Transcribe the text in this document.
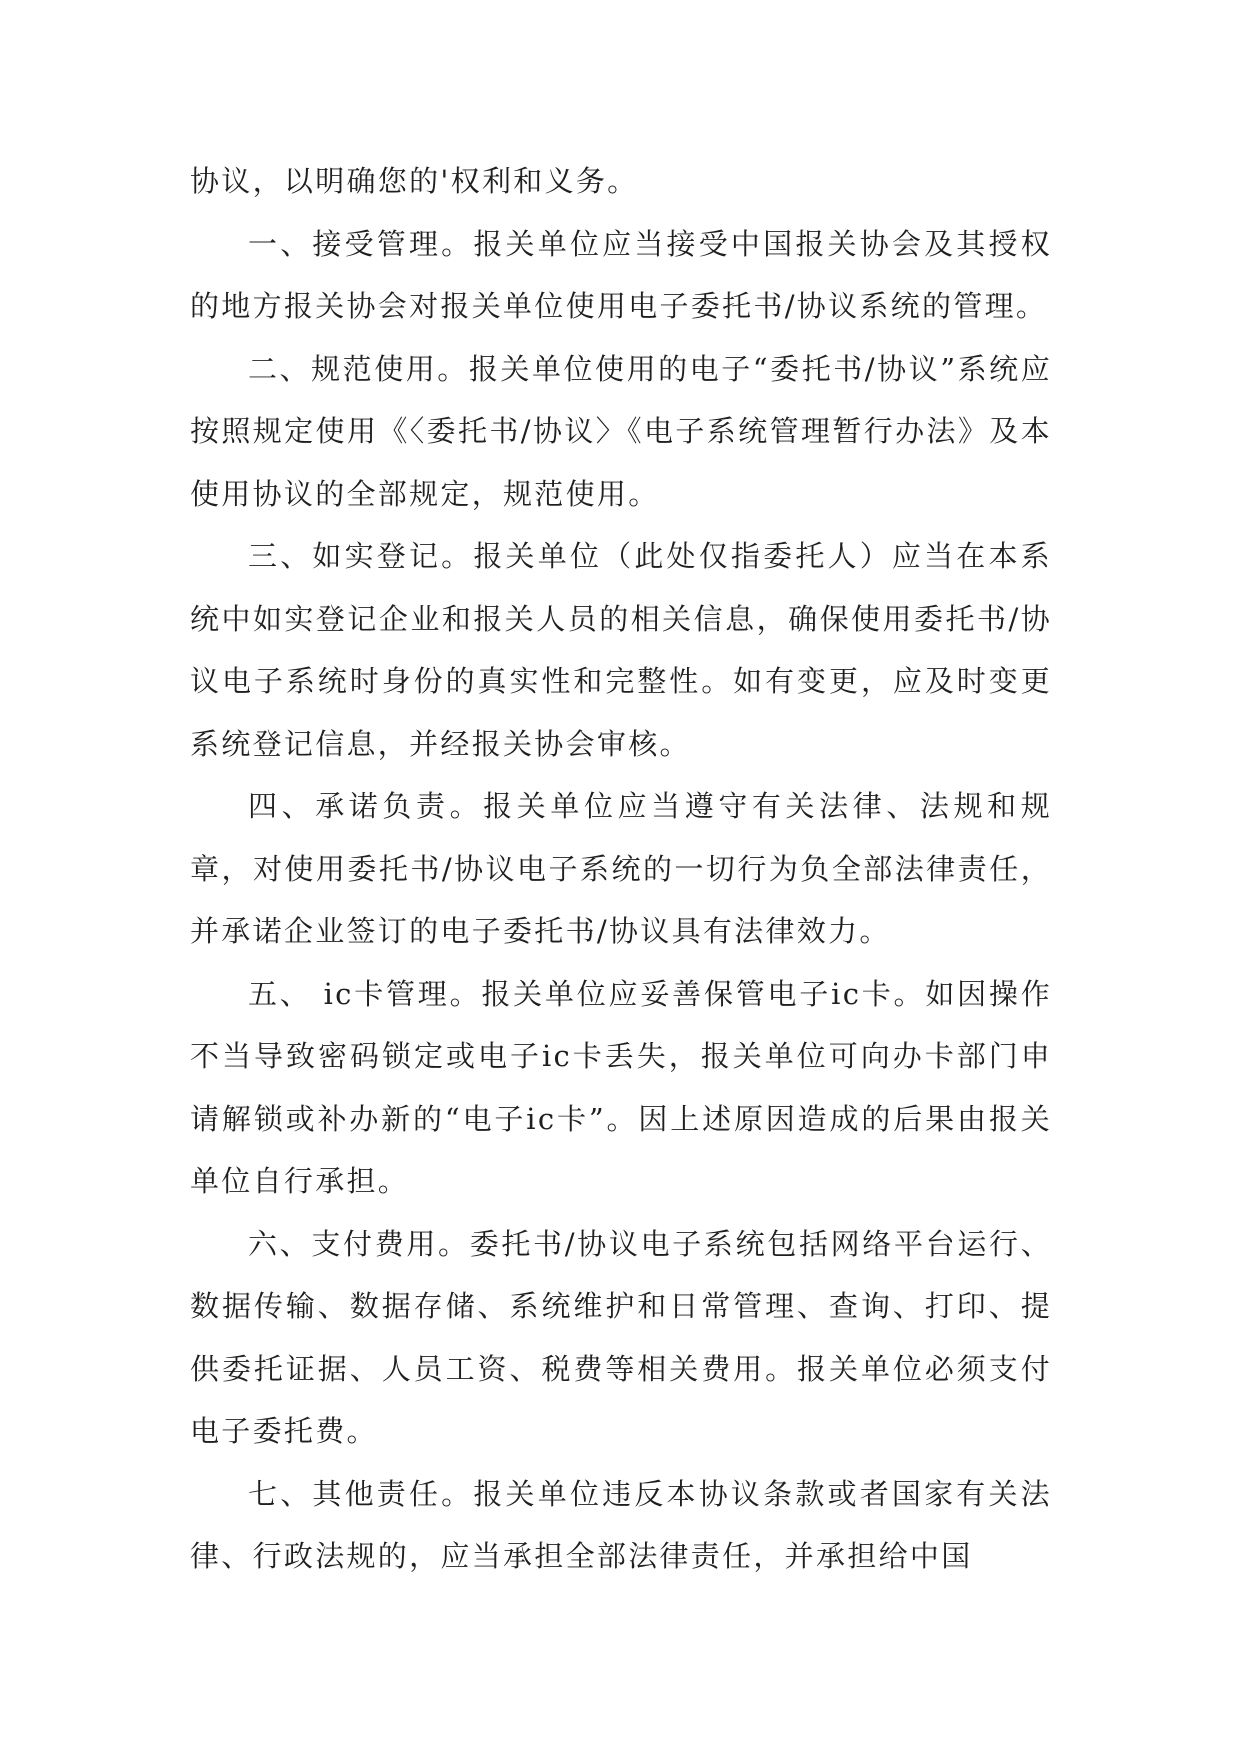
协议，以明确您的'权利和义务。

一、接受管理。报关单位应当接受中国报关协会及其授权的地方报关协会对报关单位使用电子委托书/协议系统的管理。

二、规范使用。报关单位使用的电子“委托书/协议”系统应按照规定使用《〈委托书/协议〉《电子系统管理暂行办法》及本使用协议的全部规定，规范使用。

三、如实登记。报关单位（此处仅指委托人）应当在本系统中如实登记企业和报关人员的相关信息，确保使用委托书/协议电子系统时身份的真实性和完整性。如有变更，应及时变更系统登记信息，并经报关协会审核。

四、承诺负责。报关单位应当遵守有关法律、法规和规章，对使用委托书/协议电子系统的一切行为负全部法律责任，并承诺企业签订的电子委托书/协议具有法律效力。

五、 ic卡管理。报关单位应妥善保管电子ic卡。如因操作不当导致密码锁定或电子ic卡丢失，报关单位可向办卡部门申请解锁或补办新的“电子ic卡”。因上述原因造成的后果由报关单位自行承担。

六、支付费用。委托书/协议电子系统包括网络平台运行、数据传输、数据存储、系统维护和日常管理、查询、打印、提供委托证据、人员工资、税费等相关费用。报关单位必须支付电子委托费。

七、其他责任。报关单位违反本协议条款或者国家有关法律、行政法规的，应当承担全部法律责任，并承担给中国
